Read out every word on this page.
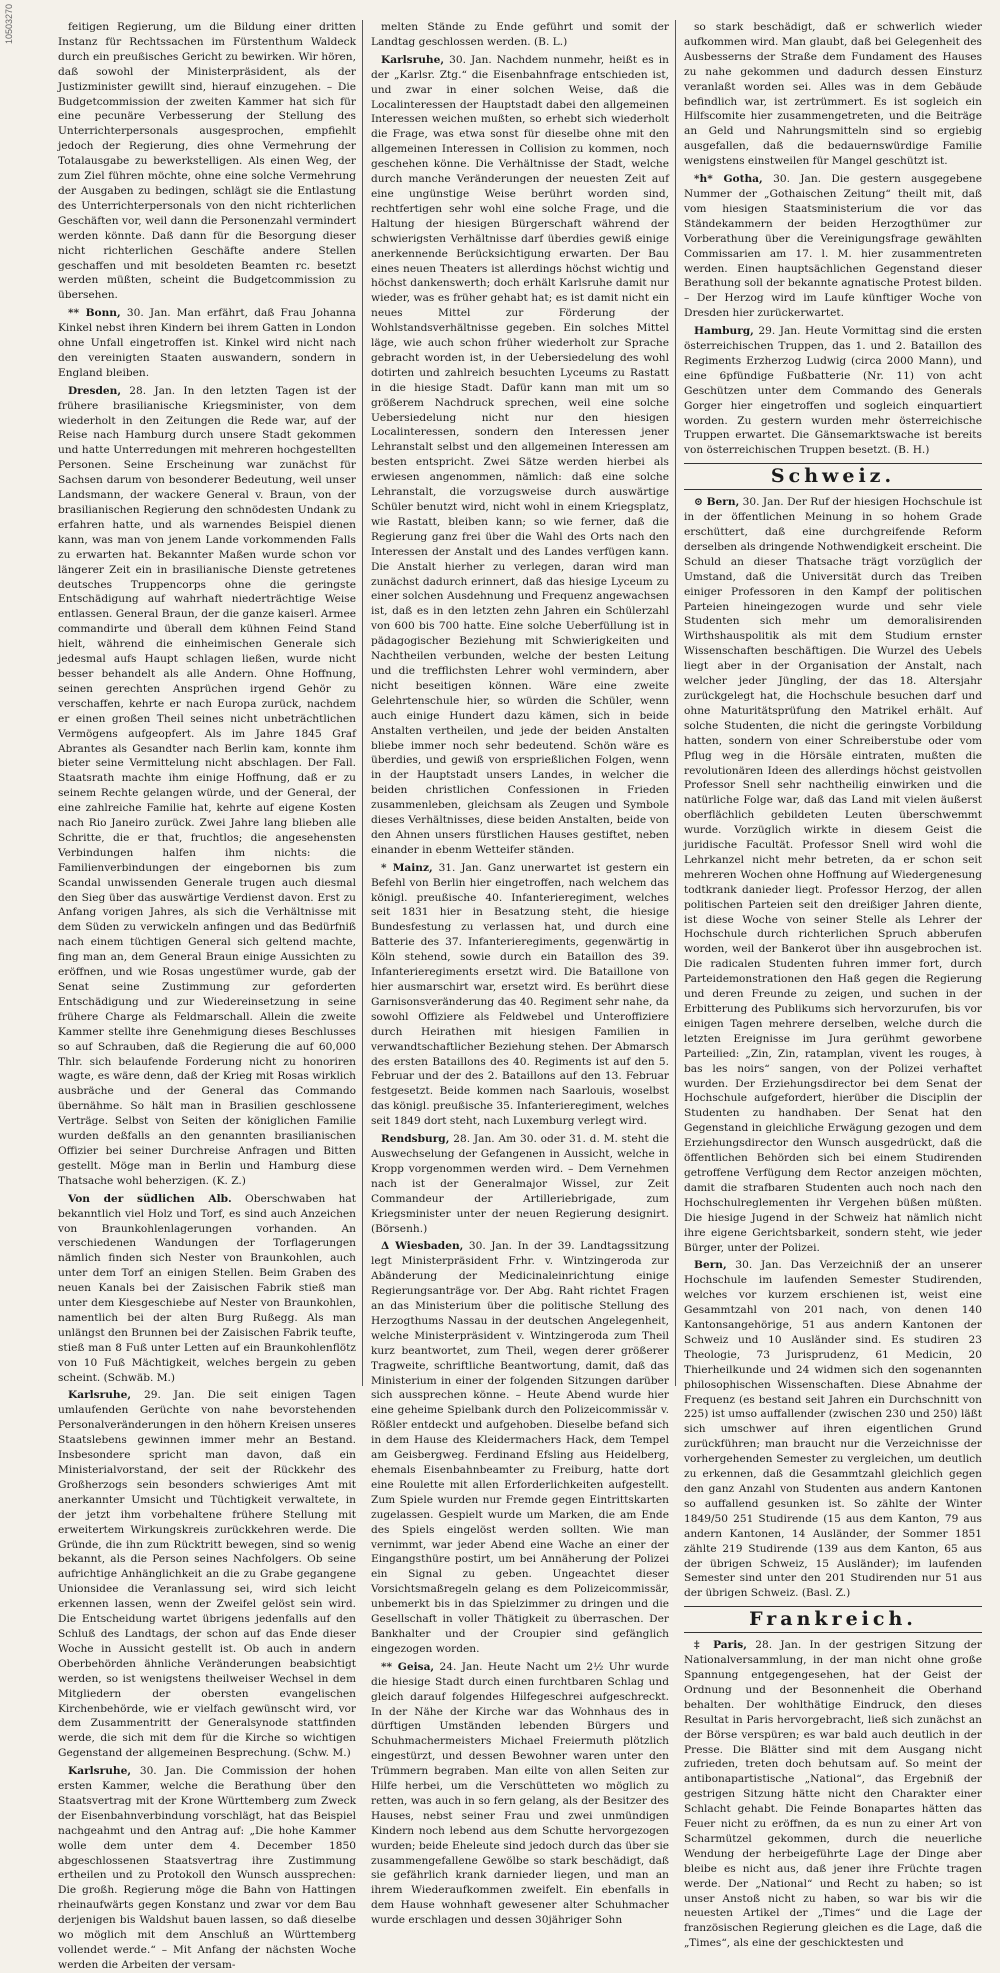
10503270	feitigen Regierung, um die Bildung einer dritten Instanz für Rechtssachen im Fürstenthum Waldeck durch ein preußisches Gericht zu bewirken. Wir hören, daß sowohl der Ministerpräsident, als der Justizminister gewillt sind, hierauf einzugehen. – Die Budgetcommission der zweiten Kammer hat sich für eine pecunäre Verbesserung der Stellung des Unterrichterpersonals ausgesprochen, empfiehlt jedoch der Regierung, dies ohne Vermehrung der Totalausgabe zu bewerkstelligen. Als einen Weg, der zum Ziel führen möchte, ohne eine solche Vermehrung der Ausgaben zu bedingen, schlägt sie die Entlastung des Unterrichterpersonals von den nicht richterlichen Geschäften vor, weil dann die Personenzahl vermindert werden könnte. Daß dann für die Besorgung dieser nicht richterlichen Geschäfte andere Stellen geschaffen und mit besoldeten Beamten rc. besetzt werden müßten, scheint die Budgetcommission zu übersehen.

** Bonn, 30. Jan. Man erfährt, daß Frau Johanna Kinkel nebst ihren Kindern bei ihrem Gatten in London ohne Unfall eingetroffen ist. Kinkel wird nicht nach den vereinigten Staaten auswandern, sondern in England bleiben.

Dresden, 28. Jan. In den letzten Tagen ist der frühere brasilianische Kriegsminister, von dem wiederholt in den Zeitungen die Rede war, auf der Reise nach Hamburg durch unsere Stadt gekommen und hatte Unterredungen mit mehreren hochgestellten Personen. Seine Erscheinung war zunächst für Sachsen darum von besonderer Bedeutung, weil unser Landsmann, der wackere General v. Braun, von der brasilianischen Regierung den schnödesten Undank zu erfahren hatte, und als warnendes Beispiel dienen kann, was man von jenem Lande vorkommenden Falls zu erwarten hat. Bekannter Maßen wurde schon vor längerer Zeit ein in brasilianische Dienste getretenes deutsches Truppencorps ohne die geringste Entschädigung auf wahrhaft niederträchtige Weise entlassen. General Braun, der die ganze kaiserl. Armee commandirte und überall dem kühnen Feind Stand hielt, während die einheimischen Generale sich jedesmal aufs Haupt schlagen ließen, wurde nicht besser behandelt als alle Andern. Ohne Hoffnung, seinen gerechten Ansprüchen irgend Gehör zu verschaffen, kehrte er nach Europa zurück, nachdem er einen großen Theil seines nicht unbeträchtlichen Vermögens aufgeopfert. Als im Jahre 1845 Graf Abrantes als Gesandter nach Berlin kam, konnte ihm bieter seine Vermittelung nicht abschlagen. Der Fall. Staatsrath machte ihm einige Hoffnung, daß er zu seinem Rechte gelangen würde, und der General, der eine zahlreiche Familie hat, kehrte auf eigene Kosten nach Rio Janeiro zurück. Zwei Jahre lang blieben alle Schritte, die er that, fruchtlos; die angesehensten Verbindungen halfen ihm nichts: die Familienverbindungen der eingebornen bis zum Scandal unwissenden Generale trugen auch diesmal den Sieg über das auswärtige Verdienst davon. Erst zu Anfang vorigen Jahres, als sich die Verhältnisse mit dem Süden zu verwickeln anfingen und das Bedürfniß nach einem tüchtigen General sich geltend machte, fing man an, dem General Braun einige Aussichten zu eröffnen, und wie Rosas ungestümer wurde, gab der Senat seine Zustimmung zur geforderten Entschädigung und zur Wiedereinsetzung in seine frühere Charge als Feldmarschall. Allein die zweite Kammer stellte ihre Genehmigung dieses Beschlusses so auf Schrauben, daß die Regierung die auf 60,000 Thlr. sich belaufende Forderung nicht zu honoriren wagte, es wäre denn, daß der Krieg mit Rosas wirklich ausbräche und der General das Commando übernähme. So hält man in Brasilien geschlossene Verträge. Selbst von Seiten der königlichen Familie wurden deßfalls an den genannten brasilianischen Offizier bei seiner Durchreise Anfragen und Bitten gestellt. Möge man in Berlin und Hamburg diese Thatsache wohl beherzigen. (K. Z.)

Von der südlichen Alb. Oberschwaben hat bekanntlich viel Holz und Torf, es sind auch Anzeichen von Braunkohlenlagerungen vorhanden. An verschiedenen Wandungen der Torflagerungen nämlich finden sich Nester von Braunkohlen, auch unter dem Torf an einigen Stellen. Beim Graben des neuen Kanals bei der Zaisischen Fabrik stieß man unter dem Kiesgeschiebe auf Nester von Braunkohlen, namentlich bei der alten Burg Rußegg. Als man unlängst den Brunnen bei der Zaisischen Fabrik teufte, stieß man 8 Fuß unter Letten auf ein Braunkohlenflötz von 10 Fuß Mächtigkeit, welches bergein zu geben scheint. (Schwäb. M.)

Karlsruhe, 29. Jan. Die seit einigen Tagen umlaufenden Gerüchte von nahe bevorstehenden Personalveränderungen in den höhern Kreisen unseres Staatslebens gewinnen immer mehr an Bestand. Insbesondere spricht man davon, daß ein Ministerialvorstand, der seit der Rückkehr des Großherzogs sein besonders schwieriges Amt mit anerkannter Umsicht und Tüchtigkeit verwaltete, in der jetzt ihm vorbehaltene frühere Stellung mit erweitertem Wirkungskreis zurückkehren werde. Die Gründe, die ihn zum Rücktritt bewegen, sind so wenig bekannt, als die Person seines Nachfolgers. Ob seine aufrichtige Anhänglichkeit an die zu Grabe gegangene Unionsidee die Veranlassung sei, wird sich leicht erkennen lassen, wenn der Zweifel gelöst sein wird. Die Entscheidung wartet übrigens jedenfalls auf den Schluß des Landtags, der schon auf das Ende dieser Woche in Aussicht gestellt ist. Ob auch in andern Oberbehörden ähnliche Veränderungen beabsichtigt werden, so ist wenigstens theilweiser Wechsel in dem Mitgliedern der obersten evangelischen Kirchenbehörde, wie er vielfach gewünscht wird, vor dem Zusammentritt der Generalsynode stattfinden werde, die sich mit dem für die Kirche so wichtigen Gegenstand der allgemeinen Besprechung. (Schw. M.)

Karlsruhe, 30. Jan. Die Commission der hohen ersten Kammer, welche die Berathung über den Staatsvertrag mit der Krone Württemberg zum Zweck der Eisenbahnverbindung vorschlägt, hat das Beispiel nachgeahmt und den Antrag auf: „Die hohe Kammer wolle dem unter dem 4. December 1850 abgeschlossenen Staatsvertrag ihre Zustimmung ertheilen und zu Protokoll den Wunsch aussprechen: Die großh. Regierung möge die Bahn von Hattingen rheinaufwärts gegen Konstanz und zwar vor dem Bau derjenigen bis Waldshut bauen lassen, so daß dieselbe wo möglich mit dem Anschluß an Württemberg vollendet werde.“ – Mit Anfang der nächsten Woche werden die Arbeiten der versam-

melten Stände zu Ende geführt und somit der Landtag geschlossen werden. (B. L.)

Karlsruhe, 30. Jan. Nachdem nunmehr, heißt es in der „Karlsr. Ztg.“ die Eisenbahnfrage entschieden ist, und zwar in einer solchen Weise, daß die Localinteressen der Hauptstadt dabei den allgemeinen Interessen weichen mußten, so erhebt sich wiederholt die Frage, was etwa sonst für dieselbe ohne mit den allgemeinen Interessen in Collision zu kommen, noch geschehen könne. Die Verhältnisse der Stadt, welche durch manche Veränderungen der neuesten Zeit auf eine ungünstige Weise berührt worden sind, rechtfertigen sehr wohl eine solche Frage, und die Haltung der hiesigen Bürgerschaft während der schwierigsten Verhältnisse darf überdies gewiß einige anerkennende Berücksichtigung erwarten. Der Bau eines neuen Theaters ist allerdings höchst wichtig und höchst dankenswerth; doch erhält Karlsruhe damit nur wieder, was es früher gehabt hat; es ist damit nicht ein neues Mittel zur Förderung der Wohlstandsverhältnisse gegeben. Ein solches Mittel läge, wie auch schon früher wiederholt zur Sprache gebracht worden ist, in der Uebersiedelung des wohl dotirten und zahlreich besuchten Lyceums zu Rastatt in die hiesige Stadt. Dafür kann man mit um so größerem Nachdruck sprechen, weil eine solche Uebersiedelung nicht nur den hiesigen Localinteressen, sondern den Interessen jener Lehranstalt selbst und den allgemeinen Interessen am besten entspricht. Zwei Sätze werden hierbei als erwiesen angenommen, nämlich: daß eine solche Lehranstalt, die vorzugsweise durch auswärtige Schüler benutzt wird, nicht wohl in einem Kriegsplatz, wie Rastatt, bleiben kann; so wie ferner, daß die Regierung ganz frei über die Wahl des Orts nach den Interessen der Anstalt und des Landes verfügen kann. Die Anstalt hierher zu verlegen, daran wird man zunächst dadurch erinnert, daß das hiesige Lyceum zu einer solchen Ausdehnung und Frequenz angewachsen ist, daß es in den letzten zehn Jahren ein Schülerzahl von 600 bis 700 hatte. Eine solche Ueberfüllung ist in pädagogischer Beziehung mit Schwierigkeiten und Nachtheilen verbunden, welche der besten Leitung und die trefflichsten Lehrer wohl vermindern, aber nicht beseitigen können. Wäre eine zweite Gelehrtenschule hier, so würden die Schüler, wenn auch einige Hundert dazu kämen, sich in beide Anstalten vertheilen, und jede der beiden Anstalten bliebe immer noch sehr bedeutend. Schön wäre es überdies, und gewiß von ersprießlichen Folgen, wenn in der Hauptstadt unsers Landes, in welcher die beiden christlichen Confessionen in Frieden zusammenleben, gleichsam als Zeugen und Symbole dieses Verhältnisses, diese beiden Anstalten, beide von den Ahnen unsers fürstlichen Hauses gestiftet, neben einander in ebenm Wetteifer ständen.

* Mainz, 31. Jan. Ganz unerwartet ist gestern ein Befehl von Berlin hier eingetroffen, nach welchem das königl. preußische 40. Infanterieregiment, welches seit 1831 hier in Besatzung steht, die hiesige Bundesfestung zu verlassen hat, und durch eine Batterie des 37. Infanterieregiments, gegenwärtig in Köln stehend, sowie durch ein Bataillon des 39. Infanterieregiments ersetzt wird. Die Bataillone von hier ausmarschirt war, ersetzt wird. Es berührt diese Garnisonsveränderung das 40. Regiment sehr nahe, da sowohl Offiziere als Feldwebel und Unteroffiziere durch Heirathen mit hiesigen Familien in verwandtschaftlicher Beziehung stehen. Der Abmarsch des ersten Bataillons des 40. Regiments ist auf den 5. Februar und der des 2. Bataillons auf den 13. Februar festgesetzt. Beide kommen nach Saarlouis, woselbst das königl. preußische 35. Infanterieregiment, welches seit 1849 dort steht, nach Luxemburg verlegt wird.

Rendsburg, 28. Jan. Am 30. oder 31. d. M. steht die Auswechselung der Gefangenen in Aussicht, welche in Kropp vorgenommen werden wird. – Dem Vernehmen nach ist der Generalmajor Wissel, zur Zeit Commandeur der Artilleriebrigade, zum Kriegsminister unter der neuen Regierung designirt. (Börsenh.)

Δ Wiesbaden, 30. Jan. In der 39. Landtagssitzung legt Ministerpräsident Frhr. v. Wintzingeroda zur Abänderung der Medicinaleinrichtung einige Regierungsanträge vor. Der Abg. Raht richtet Fragen an das Ministerium über die politische Stellung des Herzogthums Nassau in der deutschen Angelegenheit, welche Ministerpräsident v. Wintzingeroda zum Theil kurz beantwortet, zum Theil, wegen derer größerer Tragweite, schriftliche Beantwortung, damit, daß das Ministerium in einer der folgenden Sitzungen darüber sich aussprechen könne. – Heute Abend wurde hier eine geheime Spielbank durch den Polizeicommissär v. Rößler entdeckt und aufgehoben. Dieselbe befand sich in dem Hause des Kleidermachers Hack, dem Tempel am Geisbergweg. Ferdinand Efsling aus Heidelberg, ehemals Eisenbahnbeamter zu Freiburg, hatte dort eine Roulette mit allen Erforderlichkeiten aufgestellt. Zum Spiele wurden nur Fremde gegen Eintrittskarten zugelassen. Gespielt wurde um Marken, die am Ende des Spiels eingelöst werden sollten. Wie man vernimmt, war jeder Abend eine Wache an einer der Eingangsthüre postirt, um bei Annäherung der Polizei ein Signal zu geben. Ungeachtet dieser Vorsichtsmaßregeln gelang es dem Polizeicommissär, unbemerkt bis in das Spielzimmer zu dringen und die Gesellschaft in voller Thätigkeit zu überraschen. Der Bankhalter und der Croupier sind gefänglich eingezogen worden.

** Geisa, 24. Jan. Heute Nacht um 2½ Uhr wurde die hiesige Stadt durch einen furchtbaren Schlag und gleich darauf folgendes Hilfegeschrei aufgeschreckt. In der Nähe der Kirche war das Wohnhaus des in dürftigen Umständen lebenden Bürgers und Schuhmachermeisters Michael Freiermuth plötzlich eingestürzt, und dessen Bewohner waren unter den Trümmern begraben. Man eilte von allen Seiten zur Hilfe herbei, um die Verschütteten wo möglich zu retten, was auch in so fern gelang, als der Besitzer des Hauses, nebst seiner Frau und zwei unmündigen Kindern noch lebend aus dem Schutte hervorgezogen wurden; beide Eheleute sind jedoch durch das über sie zusammengefallene Gewölbe so stark beschädigt, daß sie gefährlich krank darnieder liegen, und man an ihrem Wiederaufkommen zweifelt. Ein ebenfalls in dem Hause wohnhaft gewesener alter Schuhmacher wurde erschlagen und dessen 30jähriger Sohn

so stark beschädigt, daß er schwerlich wieder aufkommen wird. Man glaubt, daß bei Gelegenheit des Ausbesserns der Straße dem Fundament des Hauses zu nahe gekommen und dadurch dessen Einsturz veranlaßt worden sei. Alles was in dem Gebäude befindlich war, ist zertrümmert. Es ist sogleich ein Hilfscomite hier zusammengetreten, und die Beiträge an Geld und Nahrungsmitteln sind so ergiebig ausgefallen, daß die bedauernswürdige Familie wenigstens einstweilen für Mangel geschützt ist.

*h* Gotha, 30. Jan. Die gestern ausgegebene Nummer der „Gothaischen Zeitung“ theilt mit, daß vom hiesigen Staatsministerium die vor das Ständekammern der beiden Herzogthümer zur Vorberathung über die Vereinigungsfrage gewählten Commissarien am 17. l. M. hier zusammentreten werden. Einen hauptsächlichen Gegenstand dieser Berathung soll der bekannte agnatische Protest bilden. – Der Herzog wird im Laufe künftiger Woche von Dresden hier zurückerwartet.

Hamburg, 29. Jan. Heute Vormittag sind die ersten österreichischen Truppen, das 1. und 2. Bataillon des Regiments Erzherzog Ludwig (circa 2000 Mann), und eine 6pfündige Fußbatterie (Nr. 11) von acht Geschützen unter dem Commando des Generals Gorger hier eingetroffen und sogleich einquartiert worden. Zu gestern wurden mehr österreichische Truppen erwartet. Die Gänsemarktswache ist bereits von österreichischen Truppen besetzt. (B. H.)

Schweiz.

⊙ Bern, 30. Jan. Der Ruf der hiesigen Hochschule ist in der öffentlichen Meinung in so hohem Grade erschüttert, daß eine durchgreifende Reform derselben als dringende Nothwendigkeit erscheint. Die Schuld an dieser Thatsache trägt vorzüglich der Umstand, daß die Universität durch das Treiben einiger Professoren in den Kampf der politischen Parteien hineingezogen wurde und sehr viele Studenten sich mehr um demoralisirenden Wirthshauspolitik als mit dem Studium ernster Wissenschaften beschäftigen. Die Wurzel des Uebels liegt aber in der Organisation der Anstalt, nach welcher jeder Jüngling, der das 18. Altersjahr zurückgelegt hat, die Hochschule besuchen darf und ohne Maturitätsprüfung den Matrikel erhält. Auf solche Studenten, die nicht die geringste Vorbildung hatten, sondern von einer Schreiberstube oder vom Pflug weg in die Hörsäle eintraten, mußten die revolutionären Ideen des allerdings höchst geistvollen Professor Snell sehr nachtheilig einwirken und die natürliche Folge war, daß das Land mit vielen äußerst oberflächlich gebildeten Leuten überschwemmt wurde. Vorzüglich wirkte in diesem Geist die juridische Facultät. Professor Snell wird wohl die Lehrkanzel nicht mehr betreten, da er schon seit mehreren Wochen ohne Hoffnung auf Wiedergenesung todtkrank danieder liegt. Professor Herzog, der allen politischen Parteien seit den dreißiger Jahren diente, ist diese Woche von seiner Stelle als Lehrer der Hochschule durch richterlichen Spruch abberufen worden, weil der Bankerot über ihn ausgebrochen ist. Die radicalen Studenten fuhren immer fort, durch Parteidemonstrationen den Haß gegen die Regierung und deren Freunde zu zeigen, und suchen in der Erbitterung des Publikums sich hervorzurufen, bis vor einigen Tagen mehrere derselben, welche durch die letzten Ereignisse im Jura gerühmt geworbene Parteilied: „Zin, Zin, ratamplan, vivent les rouges, à bas les noirs“ sangen, von der Polizei verhaftet wurden. Der Erziehungsdirector bei dem Senat der Hochschule aufgefordert, hierüber die Disciplin der Studenten zu handhaben. Der Senat hat den Gegenstand in gleichliche Erwägung gezogen und dem Erziehungsdirector den Wunsch ausgedrückt, daß die öffentlichen Behörden sich bei einem Studirenden getroffene Verfügung dem Rector anzeigen möchten, damit die strafbaren Studenten auch noch nach den Hochschulreglementen ihr Vergehen büßen müßten. Die hiesige Jugend in der Schweiz hat nämlich nicht ihre eigene Gerichtsbarkeit, sondern steht, wie jeder Bürger, unter der Polizei.

Bern, 30. Jan. Das Verzeichniß der an unserer Hochschule im laufenden Semester Studirenden, welches vor kurzem erschienen ist, weist eine Gesammtzahl von 201 nach, von denen 140 Kantonsangehörige, 51 aus andern Kantonen der Schweiz und 10 Ausländer sind. Es studiren 23 Theologie, 73 Jurisprudenz, 61 Medicin, 20 Thierheilkunde und 24 widmen sich den sogenannten philosophischen Wissenschaften. Diese Abnahme der Frequenz (es bestand seit Jahren ein Durchschnitt von 225) ist umso auffallender (zwischen 230 und 250) läßt sich umschwer auf ihren eigentlichen Grund zurückführen; man braucht nur die Verzeichnisse der vorhergehenden Semester zu vergleichen, um deutlich zu erkennen, daß die Gesammtzahl gleichlich gegen den ganz Anzahl von Studenten aus andern Kantonen so auffallend gesunken ist. So zählte der Winter 1849/50 251 Studirende (15 aus dem Kanton, 79 aus andern Kantonen, 14 Ausländer, der Sommer 1851 zählte 219 Studirende (139 aus dem Kanton, 65 aus der übrigen Schweiz, 15 Ausländer); im laufenden Semester sind unter den 201 Studirenden nur 51 aus der übrigen Schweiz. (Basl. Z.)

Frankreich.

‡ Paris, 28. Jan. In der gestrigen Sitzung der Nationalversammlung, in der man nicht ohne große Spannung entgegengesehen, hat der Geist der Ordnung und der Besonnenheit die Oberhand behalten. Der wohlthätige Eindruck, den dieses Resultat in Paris hervorgebracht, ließ sich zunächst an der Börse verspüren; es war bald auch deutlich in der Presse. Die Blätter sind mit dem Ausgang nicht zufrieden, treten doch behutsam auf. So meint der antibonapartistische „National“, das Ergebniß der gestrigen Sitzung hätte nicht den Charakter einer Schlacht gehabt. Die Feinde Bonapartes hätten das Feuer nicht zu eröffnen, da es nun zu einer Art von Scharmützel gekommen, durch die neuerliche Wendung der herbeigeführte Lage der Dinge aber bleibe es nicht aus, daß jener ihre Früchte tragen werde. Der „National“ und Recht zu haben; so ist unser Anstoß nicht zu haben, so war bis wir die neuesten Artikel der „Times“ und die Lage der französischen Regierung gleichen es die Lage, daß die „Times“, als eine der geschicktesten und
